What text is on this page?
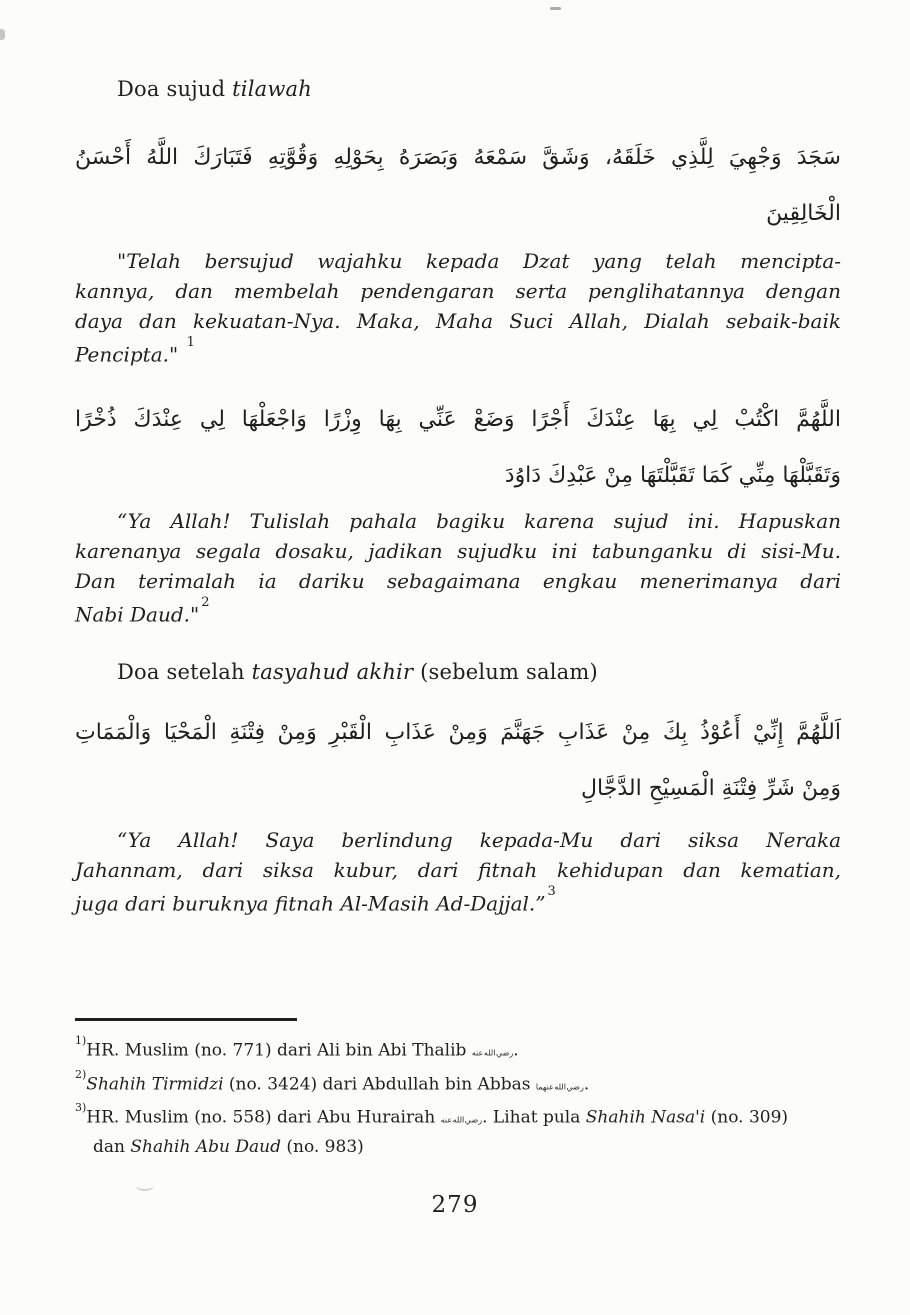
Doa sujud tilawah
سَجَدَ وَجْهِيَ لِلَّذِي خَلَقَهُ، وَشَقَّ سَمْعَهُ وَبَصَرَهُ بِحَوْلِهِ وَقُوَّتِهِ فَتَبَارَكَ اللَّهُ أَحْسَنُ
الْخَالِقِينَ
"Telah bersujud wajahku kepada Dzat yang telah mencipta-
kannya, dan membelah pendengaran serta penglihatannya dengan
daya dan kekuatan-Nya. Maka, Maha Suci Allah, Dialah sebaik-baik
Pencipta." $^1$
اللَّهُمَّ اكْتُبْ لِي بِهَا عِنْدَكَ أَجْرًا وَضَعْ عَنِّي بِهَا وِزْرًا وَاجْعَلْهَا لِي عِنْدَكَ ذُخْرًا
وَتَقَبَّلْهَا مِنِّي كَمَا تَقَبَّلْتَهَا مِنْ عَبْدِكَ دَاوُدَ
“Ya Allah! Tulislah pahala bagiku karena sujud ini. Hapuskan
karenanya segala dosaku, jadikan sujudku ini tabunganku di sisi-Mu.
Dan terimalah ia dariku sebagaimana engkau menerimanya dari
Nabi Daud."$^2$
Doa setelah tasyahud akhir (sebelum salam)
اَللَّهُمَّ إِنِّيْ أَعُوْذُ بِكَ مِنْ عَذَابِ جَهَنَّمَ وَمِنْ عَذَابِ الْقَبْرِ وَمِنْ فِتْنَةِ الْمَحْيَا وَالْمَمَاتِ
وَمِنْ شَرِّ فِتْنَةِ الْمَسِيْحِ الدَّجَّالِ
“Ya Allah! Saya berlindung kepada-Mu dari siksa Neraka
Jahannam, dari siksa kubur, dari fitnah kehidupan dan kematian,
juga dari buruknya fitnah Al-Masih Ad-Dajjal.”$^3$
$^{1)}$HR. Muslim (no. 771) dari Ali bin Abi Thalib رضي الله عنه.
$^{2)}$Shahih Tirmidzi (no. 3424) dari Abdullah bin Abbas رضي الله عنهما.
$^{3)}$HR. Muslim (no. 558) dari Abu Hurairah رضي الله عنه. Lihat pula Shahih Nasa'i (no. 309)
dan Shahih Abu Daud (no. 983)
279
